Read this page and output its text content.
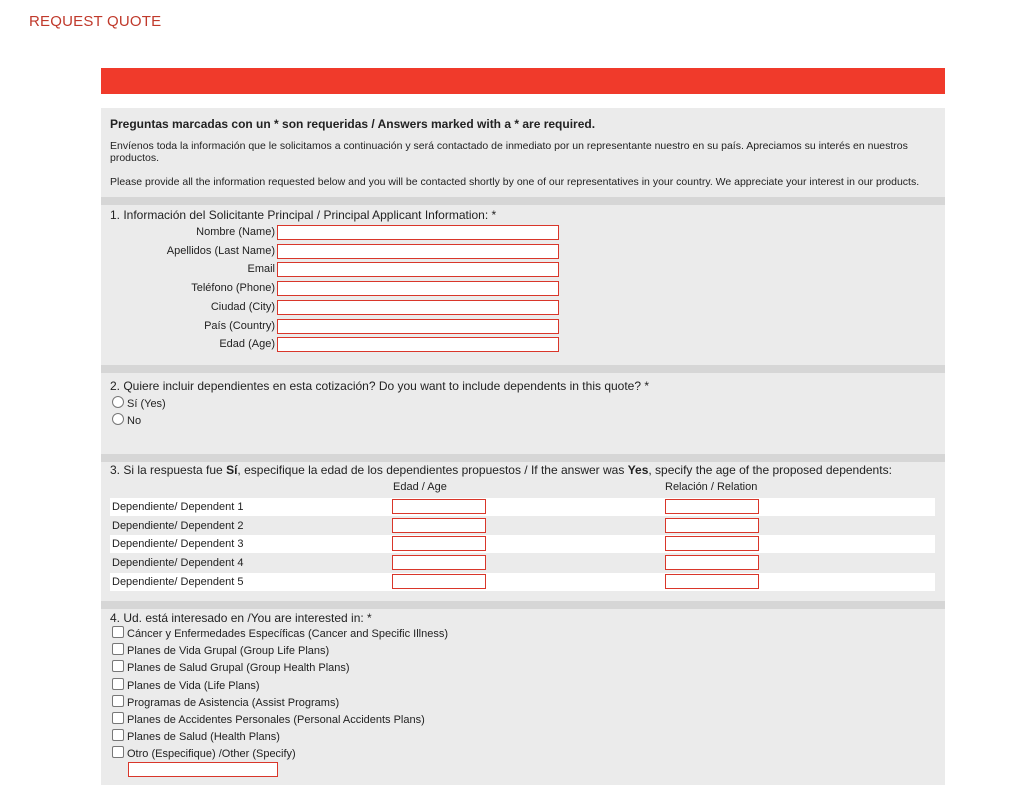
REQUEST QUOTE
Preguntas marcadas con un * son requeridas / Answers marked with a * are required.
Envíenos toda la información que le solicitamos a continuación y será contactado de inmediato por un representante nuestro en su país. Apreciamos su interés en nuestros productos.
Please provide all the information requested below and you will be contacted shortly by one of our representatives in your country. We appreciate your interest in our products.
1. Información del Solicitante Principal / Principal Applicant Information: *
Nombre (Name)
Apellidos (Last Name)
Email
Teléfono (Phone)
Ciudad (City)
País (Country)
Edad (Age)
2. Quiere incluir dependientes en esta cotización? Do you want to include dependents in this quote? *
Sí (Yes)
No
3. Si la respuesta fue Sí, especifique la edad de los dependientes propuestos / If the answer was Yes, specify the age of the proposed dependents:
Edad / Age	Relación / Relation
Dependiente/ Dependent 1
Dependiente/ Dependent 2
Dependiente/ Dependent 3
Dependiente/ Dependent 4
Dependiente/ Dependent 5
4. Ud. está interesado en /You are interested in: *
Cáncer y Enfermedades Específicas (Cancer and Specific Illness)
Planes de Vida Grupal (Group Life Plans)
Planes de Salud Grupal (Group Health Plans)
Planes de Vida (Life Plans)
Programas de Asistencia (Assist Programs)
Planes de Accidentes Personales (Personal Accidents Plans)
Planes de Salud (Health Plans)
Otro (Especifique) /Other (Specify)
